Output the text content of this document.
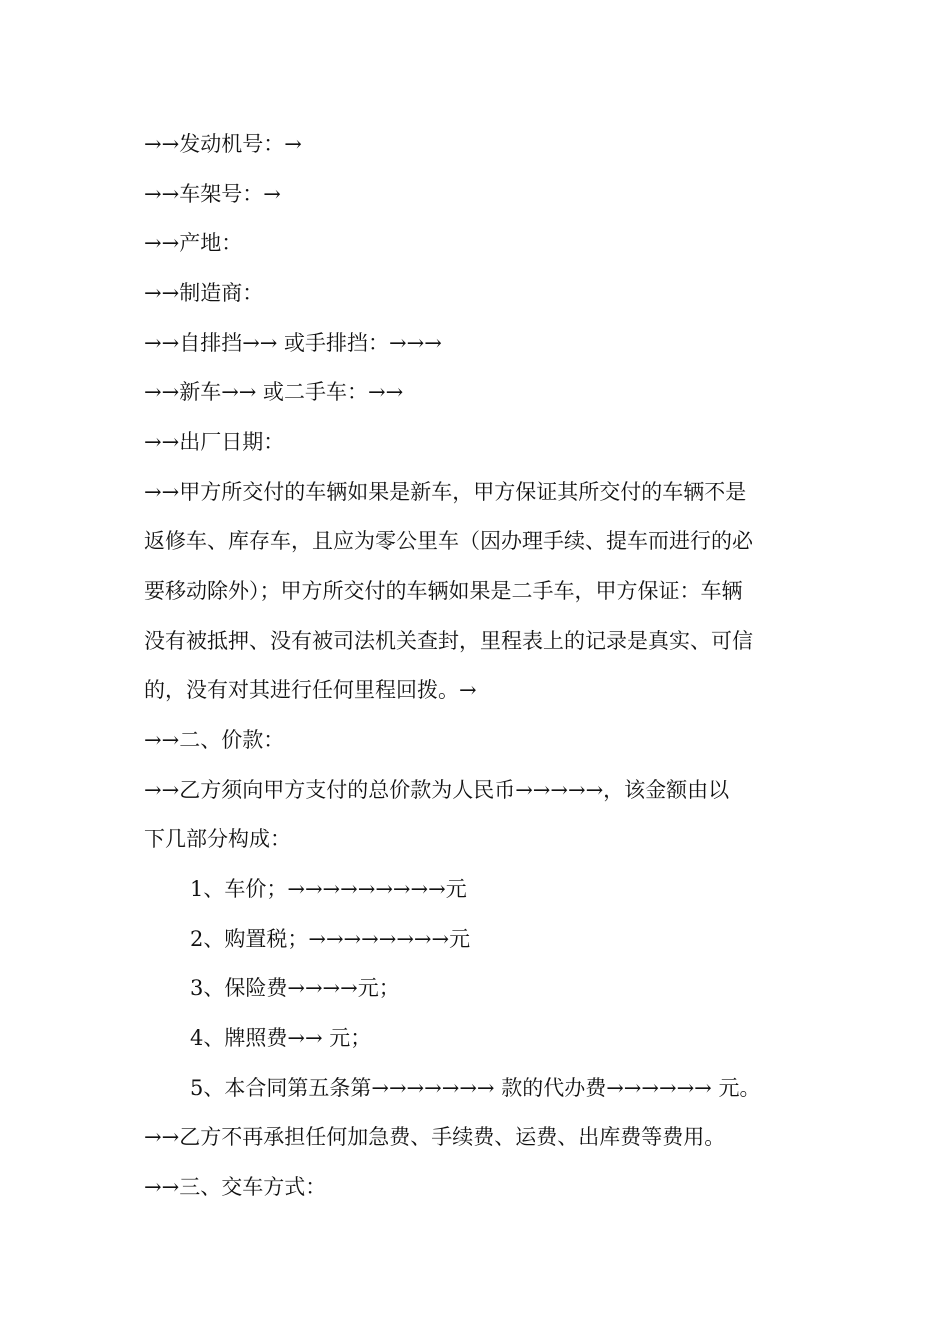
→→发动机号：→
→→车架号：→
→→产地：
→→制造商：
→→自排挡→→ 或手排挡：→→→
→→新车→→ 或二手车：→→
→→出厂日期：
→→甲方所交付的车辆如果是新车，甲方保证其所交付的车辆不是
返修车、库存车，且应为零公里车（因办理手续、提车而进行的必
要移动除外）；甲方所交付的车辆如果是二手车，甲方保证：车辆
没有被抵押、没有被司法机关查封，里程表上的记录是真实、可信
的，没有对其进行任何里程回拨。→
→→二、价款：
→→乙方须向甲方支付的总价款为人民币→→→→→，该金额由以
下几部分构成：
1、车价；→→→→→→→→→元
2、购置税；→→→→→→→→元
3、保险费→→→→元；
4、牌照费→→ 元；
5、本合同第五条第→→→→→→→ 款的代办费→→→→→→ 元。
→→乙方不再承担任何加急费、手续费、运费、出库费等费用。
→→三、交车方式：
